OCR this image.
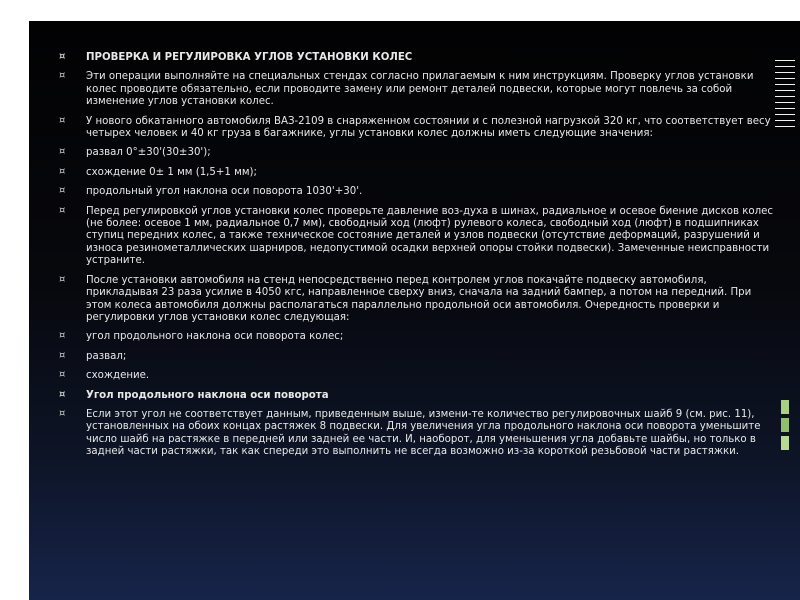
¤ ПРОВЕРКА И РЕГУЛИРОВКА УГЛОВ УСТАНОВКИ КОЛЕС
¤ Эти операции выполняйте на специальных стендах согласно прилагаемым к ним инструкциям. Проверку углов установки колес проводите обязательно, если проводите замену или ремонт деталей подвески, которые могут повлечь за собой изменение углов установки колес.
¤ У нового обкатанного автомобиля ВАЗ-2109 в снаряженном состоянии и с полезной нагрузкой 320 кг, что соответствует весу четырех человек и 40 кг груза в багажнике, углы установки колес должны иметь следующие значения:
¤ развал 0°±30'(30±30');
¤ схождение 0± 1 мм (1,5+1 мм);
¤ продольный угол наклона оси поворота 1030'+30'.
¤ Перед регулировкой углов установки колес проверьте давление воз-духа в шинах, радиальное и осевое биение дисков колес (не более: осевое 1 мм, радиальное 0,7 мм), свободный ход (люфт) рулевого колеса, свободный ход (люфт) в подшипниках ступиц передних колес, а также техническое состояние деталей и узлов подвески (отсутствие деформаций, разрушений и износа резинометаллических шарниров, недопустимой осадки верхней опоры стойки подвески). Замеченные неисправности устраните.
¤ После установки автомобиля на стенд непосредственно перед контролем углов покачайте подвеску автомобиля, прикладывая 23 раза усилие в 4050 кгс, направленное сверху вниз, сначала на задний бампер, а потом на передний. При этом колеса автомобиля должны располагаться параллельно продольной оси автомобиля. Очередность проверки и регулировки углов установки колес следующая:
¤ угол продольного наклона оси поворота колес;
¤ развал;
¤ схождение.
¤ Угол продольного наклона оси поворота
¤ Если этот угол не соответствует данным, приведенным выше, измени-те количество регулировочных шайб 9 (см. рис. 11), установленных на обоих концах растяжек 8 подвески. Для увеличения угла продольного наклона оси поворота уменьшите число шайб на растяжке в передней или задней ее части. И, наоборот, для уменьшения угла добавьте шайбы, но только в задней части растяжки, так как спереди это выполнить не всегда возможно из-за короткой резьбовой части растяжки.
